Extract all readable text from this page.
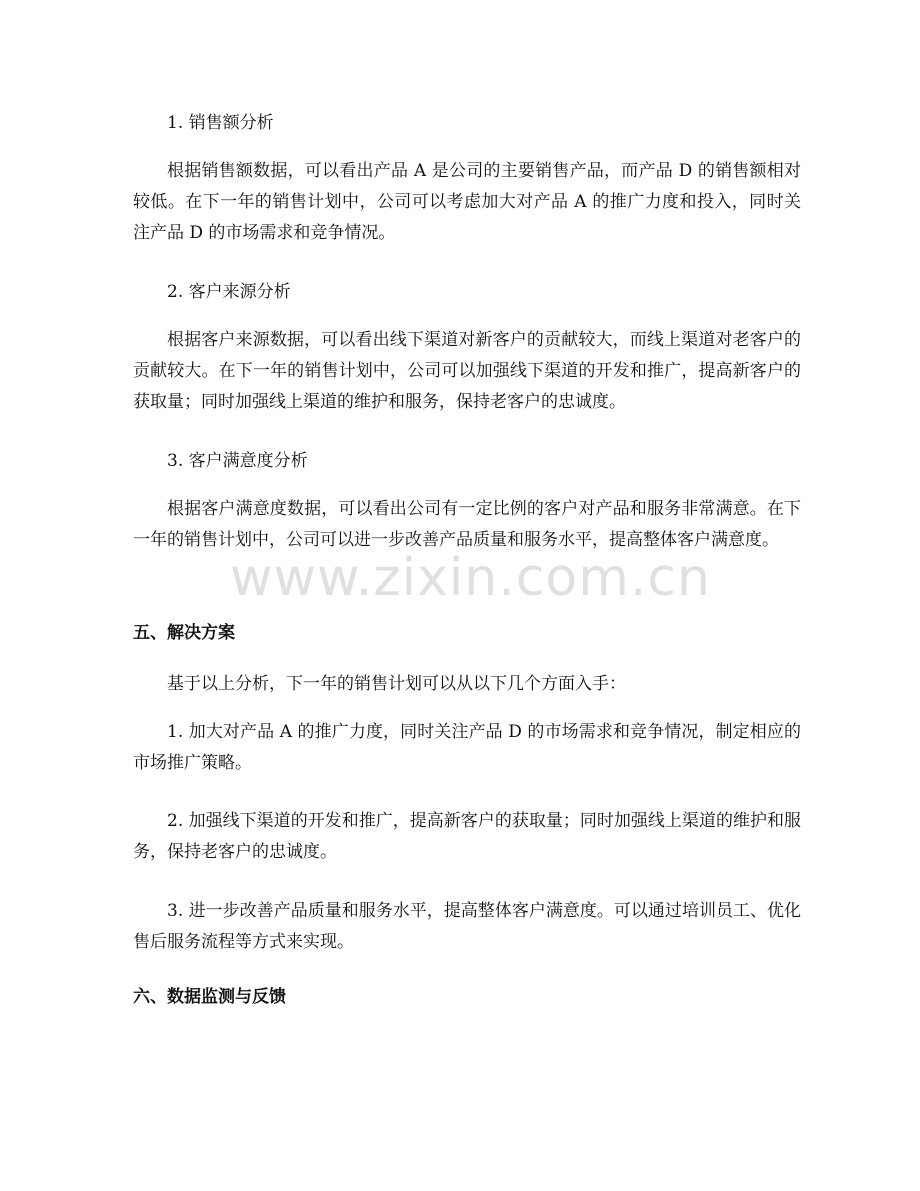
1. 销售额分析

根据销售额数据，可以看出产品 A 是公司的主要销售产品，而产品 D 的销售额相对较低。在下一年的销售计划中，公司可以考虑加大对产品 A 的推广力度和投入，同时关注产品 D 的市场需求和竞争情况。

2. 客户来源分析

根据客户来源数据，可以看出线下渠道对新客户的贡献较大，而线上渠道对老客户的贡献较大。在下一年的销售计划中，公司可以加强线下渠道的开发和推广，提高新客户的获取量；同时加强线上渠道的维护和服务，保持老客户的忠诚度。

3. 客户满意度分析

根据客户满意度数据，可以看出公司有一定比例的客户对产品和服务非常满意。在下一年的销售计划中，公司可以进一步改善产品质量和服务水平，提高整体客户满意度。

www.zixin.com.cn
五、解决方案

基于以上分析，下一年的销售计划可以从以下几个方面入手：

1. 加大对产品 A 的推广力度，同时关注产品 D 的市场需求和竞争情况，制定相应的市场推广策略。

2. 加强线下渠道的开发和推广，提高新客户的获取量；同时加强线上渠道的维护和服务，保持老客户的忠诚度。

3. 进一步改善产品质量和服务水平，提高整体客户满意度。可以通过培训员工、优化售后服务流程等方式来实现。

六、数据监测与反馈
